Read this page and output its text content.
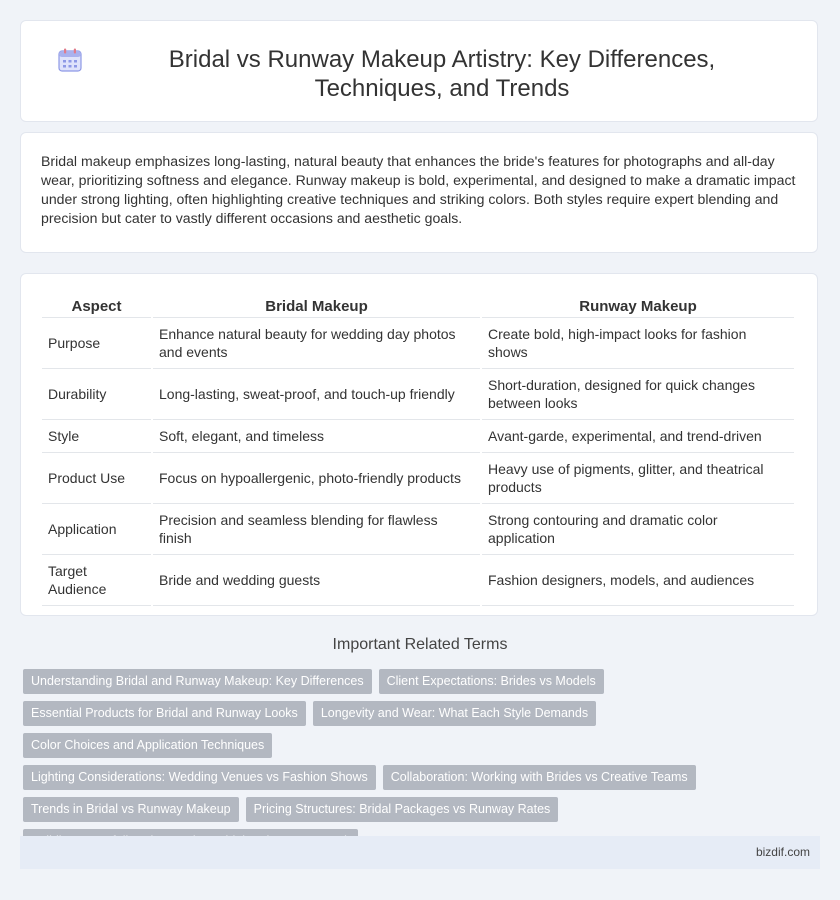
Bridal vs Runway Makeup Artistry: Key Differences, Techniques, and Trends

Bridal makeup emphasizes long-lasting, natural beauty that enhances the bride's features for photographs and all-day wear, prioritizing softness and elegance. Runway makeup is bold, experimental, and designed to make a dramatic impact under strong lighting, often highlighting creative techniques and striking colors. Both styles require expert blending and precision but cater to vastly different occasions and aesthetic goals.

Aspect	Bridal Makeup	Runway Makeup
Purpose	Enhance natural beauty for wedding day photos and events	Create bold, high-impact looks for fashion shows
Durability	Long-lasting, sweat-proof, and touch-up friendly	Short-duration, designed for quick changes between looks
Style	Soft, elegant, and timeless	Avant-garde, experimental, and trend-driven
Product Use	Focus on hypoallergenic, photo-friendly products	Heavy use of pigments, glitter, and theatrical products
Application	Precision and seamless blending for flawless finish	Strong contouring and dramatic color application
Target Audience	Bride and wedding guests	Fashion designers, models, and audiences
Important Related Terms
Understanding Bridal and Runway Makeup: Key Differences Client Expectations: Brides vs Models
Essential Products for Bridal and Runway Looks Longevity and Wear: What Each Style DemandsColor Choices and Application Techniques
Lighting Considerations: Wedding Venues vs Fashion Shows Collaboration: Working with Brides vs Creative Teams
Trends in Bridal vs Runway Makeup Pricing Structures: Bridal Packages vs Runway Rates

bizdif.com
